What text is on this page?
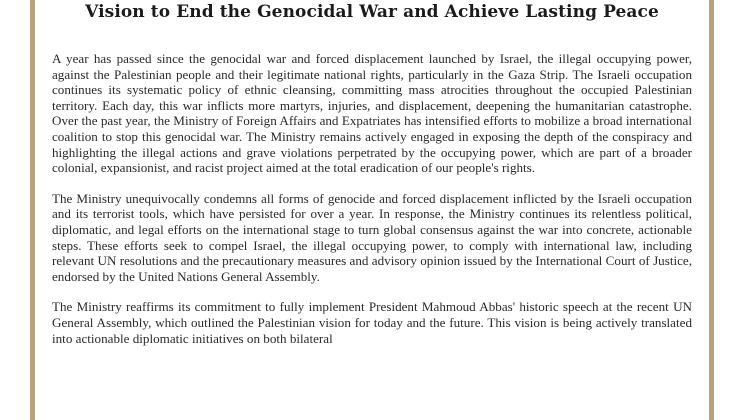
Vision to End the Genocidal War and Achieve Lasting Peace

A year has passed since the genocidal war and forced displacement launched by Israel, the illegal occupying power, against the Palestinian people and their legitimate national rights, particularly in the Gaza Strip. The Israeli occupation continues its systematic policy of ethnic cleansing, committing mass atrocities throughout the occupied Palestinian territory. Each day, this war inflicts more martyrs, injuries, and displacement, deepening the humanitarian catastrophe. Over the past year, the Ministry of Foreign Affairs and Expatriates has intensified efforts to mobilize a broad international coalition to stop this genocidal war. The Ministry remains actively engaged in exposing the depth of the conspiracy and highlighting the illegal actions and grave violations perpetrated by the occupying power, which are part of a broader colonial, expansionist, and racist project aimed at the total eradication of our people's rights.

The Ministry unequivocally condemns all forms of genocide and forced displacement inflicted by the Israeli occupation and its terrorist tools, which have persisted for over a year. In response, the Ministry continues its relentless political, diplomatic, and legal efforts on the international stage to turn global consensus against the war into concrete, actionable steps. These efforts seek to compel Israel, the illegal occupying power, to comply with international law, including relevant UN resolutions and the precautionary measures and advisory opinion issued by the International Court of Justice, endorsed by the United Nations General Assembly.

The Ministry reaffirms its commitment to fully implement President Mahmoud Abbas' historic speech at the recent UN General Assembly, which outlined the Palestinian vision for today and the future. This vision is being actively translated into actionable diplomatic initiatives on both bilateral
